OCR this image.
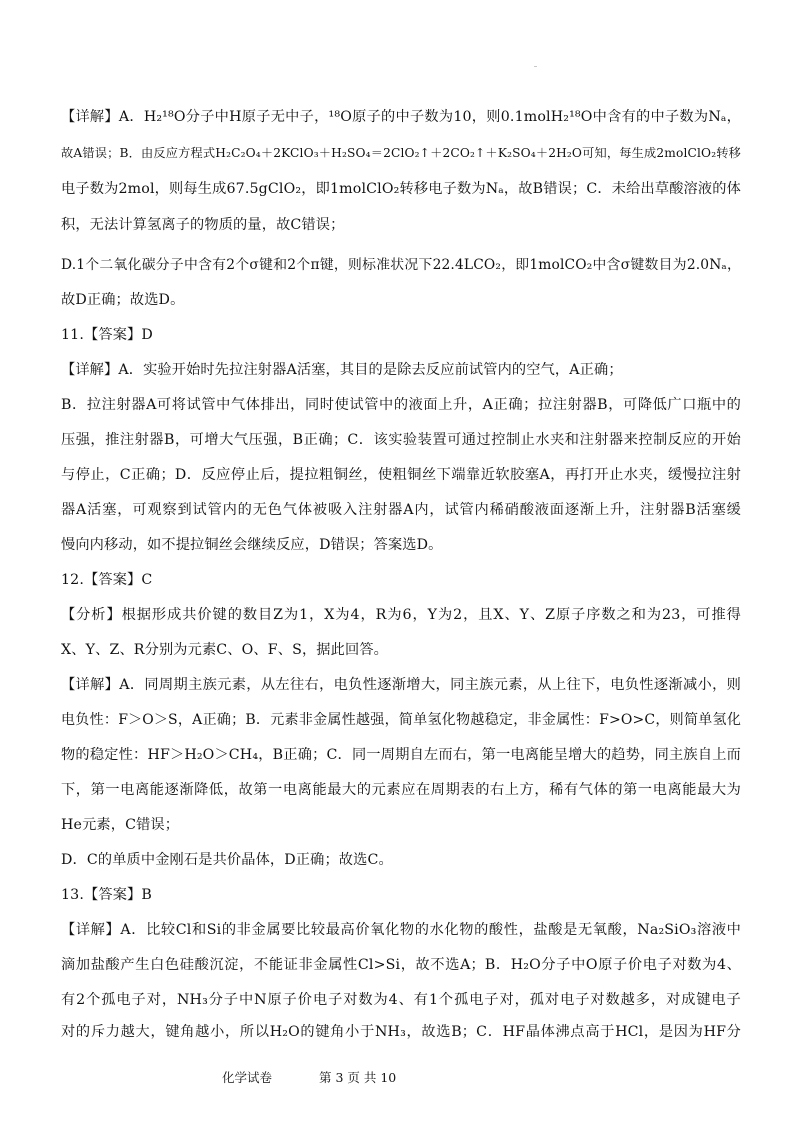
【详解】A．H₂¹⁸O分子中H原子无中子，¹⁸O原子的中子数为10，则0.1molH₂¹⁸O中含有的中子数为Nₐ，
故A错误；B．由反应方程式H₂C₂O₄＋2KClO₃＋H₂SO₄＝2ClO₂↑＋2CO₂↑＋K₂SO₄＋2H₂O可知，每生成2molClO₂转移
电子数为2mol，则每生成67.5gClO₂，即1molClO₂转移电子数为Nₐ，故B错误；C．未给出草酸溶液的体
积，无法计算氢离子的物质的量，故C错误；
D.1个二氧化碳分子中含有2个σ键和2个π键，则标准状况下22.4LCO₂，即1molCO₂中含σ键数目为2.0Nₐ，
故D正确；故选D。
11.【答案】D
【详解】A．实验开始时先拉注射器A活塞，其目的是除去反应前试管内的空气，A正确；
B．拉注射器A可将试管中气体排出，同时使试管中的液面上升，A正确；拉注射器B，可降低广口瓶中的
压强，推注射器B，可增大气压强，B正确；C．该实验装置可通过控制止水夹和注射器来控制反应的开始
与停止，C正确；D．反应停止后，提拉粗铜丝，使粗铜丝下端靠近软胶塞A，再打开止水夹，缓慢拉注射
器A活塞，可观察到试管内的无色气体被吸入注射器A内，试管内稀硝酸液面逐渐上升，注射器B活塞缓
慢向内移动，如不提拉铜丝会继续反应，D错误；答案选D。
12.【答案】C
【分析】根据形成共价键的数目Z为1，X为4，R为6，Y为2，且X、Y、Z原子序数之和为23，可推得
X、Y、Z、R分别为元素C、O、F、S，据此回答。
【详解】A．同周期主族元素，从左往右，电负性逐渐增大，同主族元素，从上往下，电负性逐渐减小，则
电负性：F＞O＞S，A正确；B．元素非金属性越强，简单氢化物越稳定，非金属性：F>O>C，则简单氢化
物的稳定性：HF＞H₂O＞CH₄，B正确；C．同一周期自左而右，第一电离能呈增大的趋势，同主族自上而
下，第一电离能逐渐降低，故第一电离能最大的元素应在周期表的右上方，稀有气体的第一电离能最大为
He元素，C错误；
D．C的单质中金刚石是共价晶体，D正确；故选C。
13.【答案】B
【详解】A．比较Cl和Si的非金属要比较最高价氧化物的水化物的酸性，盐酸是无氧酸，Na₂SiO₃溶液中
滴加盐酸产生白色硅酸沉淀，不能证非金属性Cl>Si，故不选A；B．H₂O分子中O原子价电子对数为4、
有2个孤电子对，NH₃分子中N原子价电子对数为4、有1个孤电子对，孤对电子对数越多，对成键电子
对的斥力越大，键角越小，所以H₂O的键角小于NH₃，故选B；C．HF晶体沸点高于HCl，是因为HF分
化学试卷	第 3 页 共 10
